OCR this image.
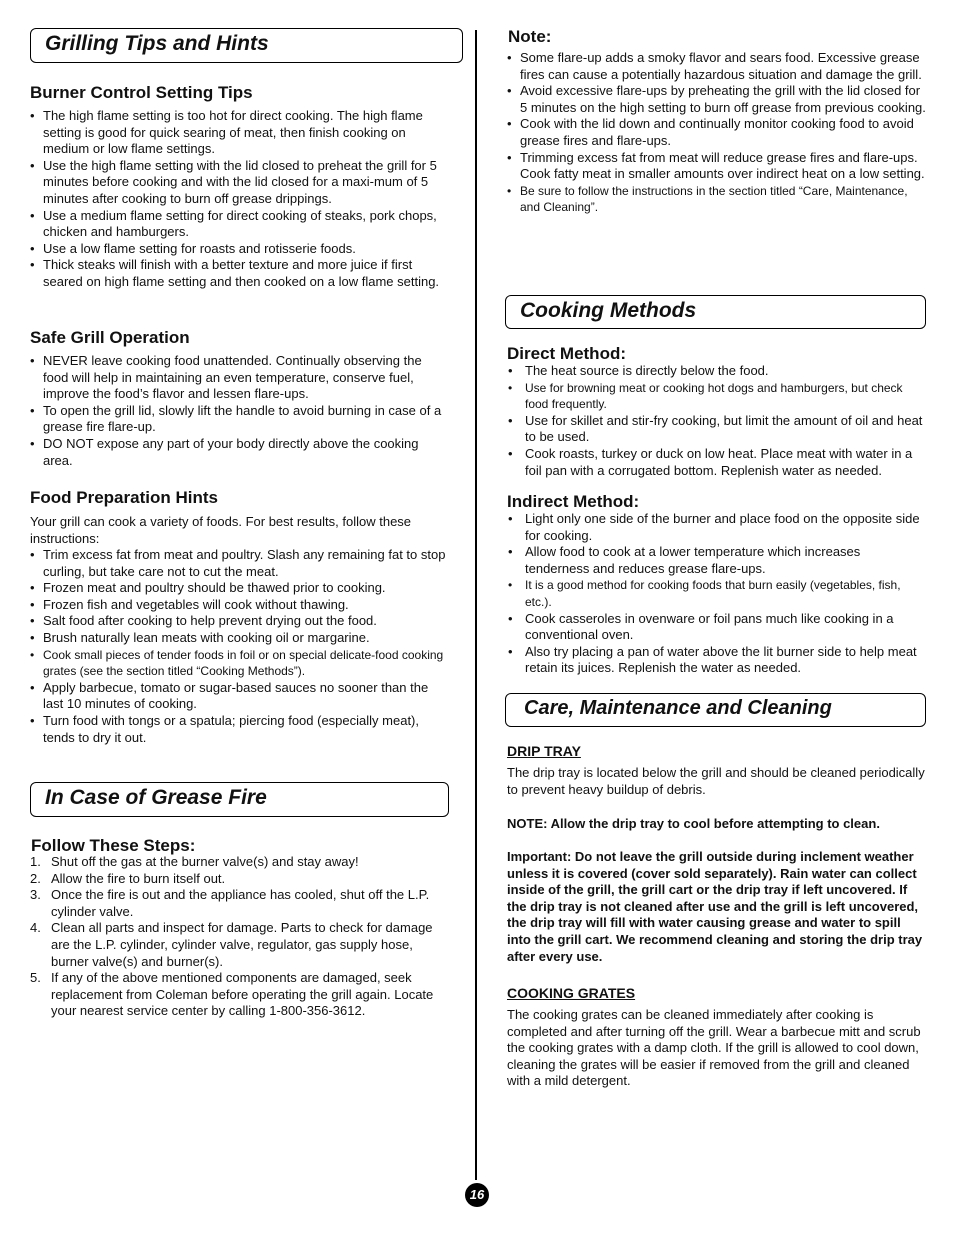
Grilling Tips and Hints
Burner Control Setting Tips
• The high flame setting is too hot for direct cooking. The high flame setting is good for quick searing of meat, then finish cooking on medium or low flame settings.
• Use the high flame setting with the lid closed to preheat the grill for 5 minutes before cooking and with the lid closed for a maxi-mum of 5 minutes after cooking to burn off grease drippings.
• Use a medium flame setting for direct cooking of steaks, pork chops, chicken and hamburgers.
• Use a low flame setting for roasts and rotisserie foods.
• Thick steaks will finish with a better texture and more juice if first seared on high flame setting and then cooked on a low flame setting.
Safe Grill Operation
• NEVER leave cooking food unattended. Continually observing the food will help in maintaining an even temperature, conserve fuel, improve the food’s flavor and lessen flare-ups.
• To open the grill lid, slowly lift the handle to avoid burning in case of a grease fire flare-up.
• DO NOT expose any part of your body directly above the cooking area.
Food Preparation Hints

Your grill can cook a variety of foods. For best results, follow these instructions:

• Trim excess fat from meat and poultry. Slash any remaining fat to stop curling, but take care not to cut the meat.
• Frozen meat and poultry should be thawed prior to cooking.
• Frozen fish and vegetables will cook without thawing.
• Salt food after cooking to help prevent drying out the food.
• Brush naturally lean meats with cooking oil or margarine.
• Cook small pieces of tender foods in foil or on special delicate-food cooking grates (see the section titled “Cooking Methods”).
• Apply barbecue, tomato or sugar-based sauces no sooner than the last 10 minutes of cooking.
• Turn food with tongs or a spatula; piercing food (especially meat), tends to dry it out.
In Case of Grease Fire
Follow These Steps:
1. Shut off the gas at the burner valve(s) and stay away!
2. Allow the fire to burn itself out.
3. Once the fire is out and the appliance has cooled, shut off the L.P. cylinder valve.
4. Clean all parts and inspect for damage. Parts to check for damage are the L.P. cylinder, cylinder valve, regulator, gas supply hose, burner valve(s) and burner(s).
5. If any of the above mentioned components are damaged, seek replacement from Coleman before operating the grill again. Locate your nearest service center by calling 1-800-356-3612.
Note:
• Some flare-up adds a smoky flavor and sears food. Excessive grease fires can cause a potentially hazardous situation and damage the grill.
• Avoid excessive flare-ups by preheating the grill with the lid closed for 5 minutes on the high setting to burn off grease from previous cooking.
• Cook with the lid down and continually monitor cooking food to avoid grease fires and flare-ups.
• Trimming excess fat from meat will reduce grease fires and flare-ups. Cook fatty meat in smaller amounts over indirect heat on a low setting.
• Be sure to follow the instructions in the section titled “Care, Maintenance, and Cleaning”.
Cooking Methods
Direct Method:
• The heat source is directly below the food.
• Use for browning meat or cooking hot dogs and hamburgers, but check food frequently.
• Use for skillet and stir-fry cooking, but limit the amount of oil and heat to be used.
• Cook roasts, turkey or duck on low heat. Place meat with water in a foil pan with a corrugated bottom. Replenish water as needed.
Indirect Method:
• Light only one side of the burner and place food on the opposite side for cooking.
• Allow food to cook at a lower temperature which increases tenderness and reduces grease flare-ups.
• It is a good method for cooking foods that burn easily (vegetables, fish, etc.).
• Cook casseroles in ovenware or foil pans much like cooking in a conventional oven.
• Also try placing a pan of water above the lit burner side to help meat retain its juices. Replenish the water as needed.
Care, Maintenance and Cleaning
DRIP TRAY

The drip tray is located below the grill and should be cleaned periodically to prevent heavy buildup of debris.

NOTE: Allow the drip tray to cool before attempting to clean.

Important: Do not leave the grill outside during inclement weather unless it is covered (cover sold separately). Rain water can collect inside of the grill, the grill cart or the drip tray if left uncovered. If the drip tray is not cleaned after use and the grill is left uncovered, the drip tray will fill with water causing grease and water to spill into the grill cart. We recommend cleaning and storing the drip tray after every use.

COOKING GRATES

The cooking grates can be cleaned immediately after cooking is completed and after turning off the grill. Wear a barbecue mitt and scrub the cooking grates with a damp cloth. If the grill is allowed to cool down, cleaning the grates will be easier if removed from the grill and cleaned with a mild detergent.

16
